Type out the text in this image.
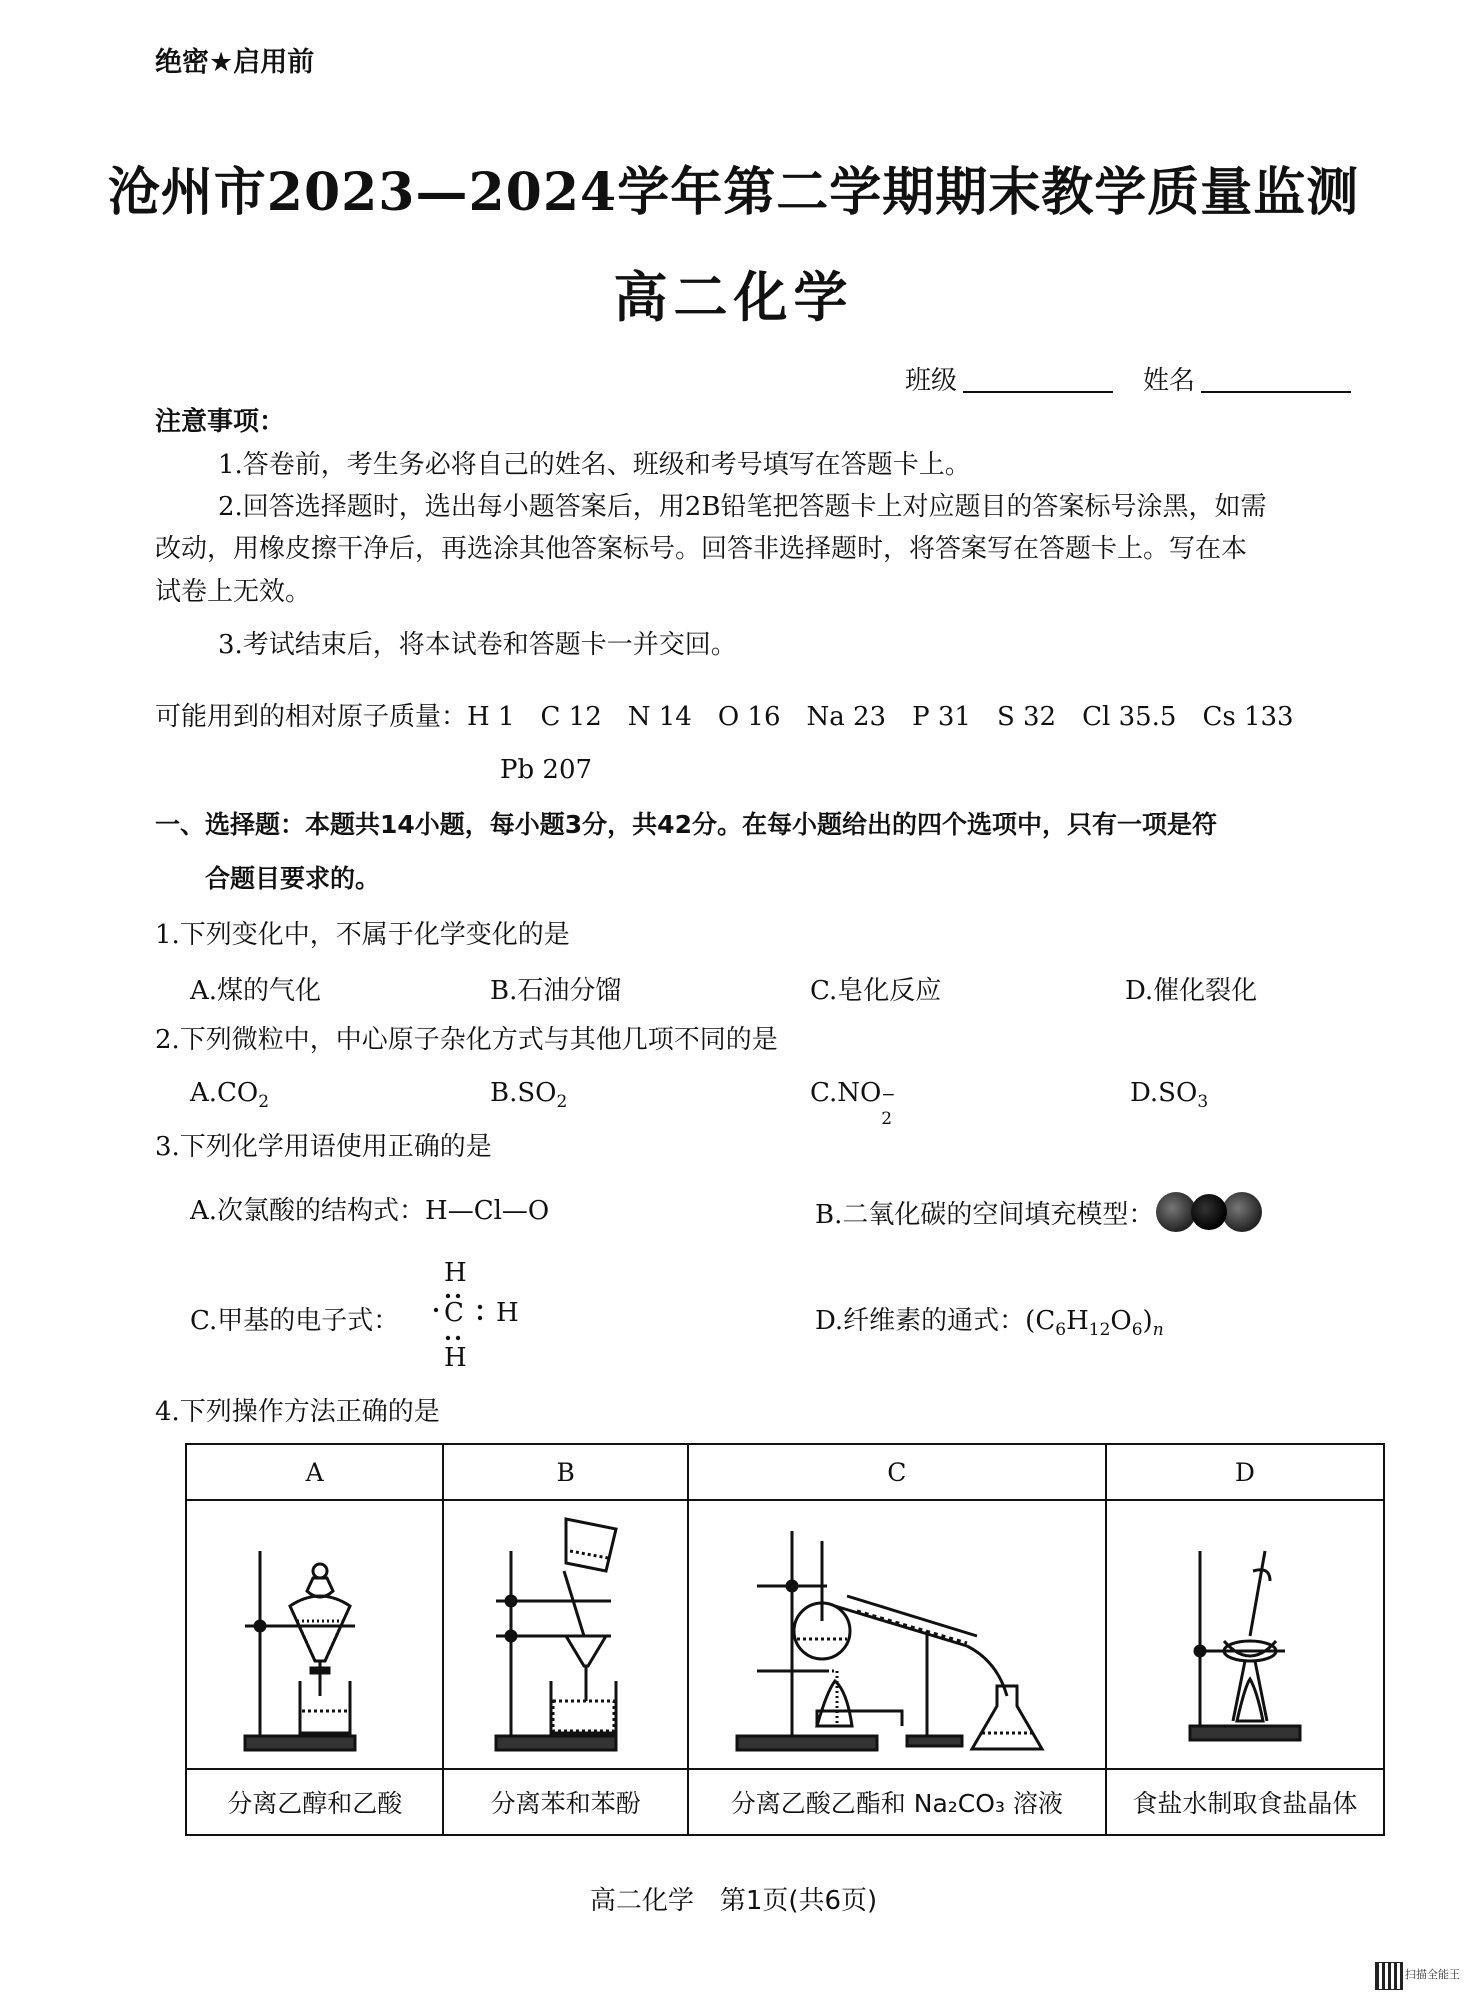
绝密★启用前
沧州市2023—2024学年第二学期期末教学质量监测
高二化学
班级	姓名
注意事项：
1.答卷前，考生务必将自己的姓名、班级和考号填写在答题卡上。
2.回答选择题时，选出每小题答案后，用2B铅笔把答题卡上对应题目的答案标号涂黑，如需
改动，用橡皮擦干净后，再选涂其他答案标号。回答非选择题时，将答案写在答题卡上。写在本
试卷上无效。
3.考试结束后，将本试卷和答题卡一并交回。
可能用到的相对原子质量：H 1　C 12　N 14　O 16　Na 23　P 31　S 32　Cl 35.5　Cs 133
Pb 207
一、选择题：本题共14小题，每小题3分，共42分。在每小题给出的四个选项中，只有一项是符
合题目要求的。
1.下列变化中，不属于化学变化的是
A.煤的气化	B.石油分馏	C.皂化反应	D.催化裂化
2.下列微粒中，中心原子杂化方式与其他几项不同的是
$A.CO_2$	$B.SO_2$	C.NO −
2
$D.SO_3$
3.下列化学用语使用正确的是
A.次氯酸的结构式：H—Cl—O	B.二氧化碳的空间填充模型：
C.甲基的电子式：
H
C H
H
D.纤维素的通式：$(C_6H_{12}O_6)_n$
4.下列操作方法正确的是
A	B	C	D

分离乙醇和乙酸	分离苯和苯酚	分离乙酸乙酯和 Na₂CO₃ 溶液	食盐水制取食盐晶体
高二化学　第1页(共6页)
扫描全能王
